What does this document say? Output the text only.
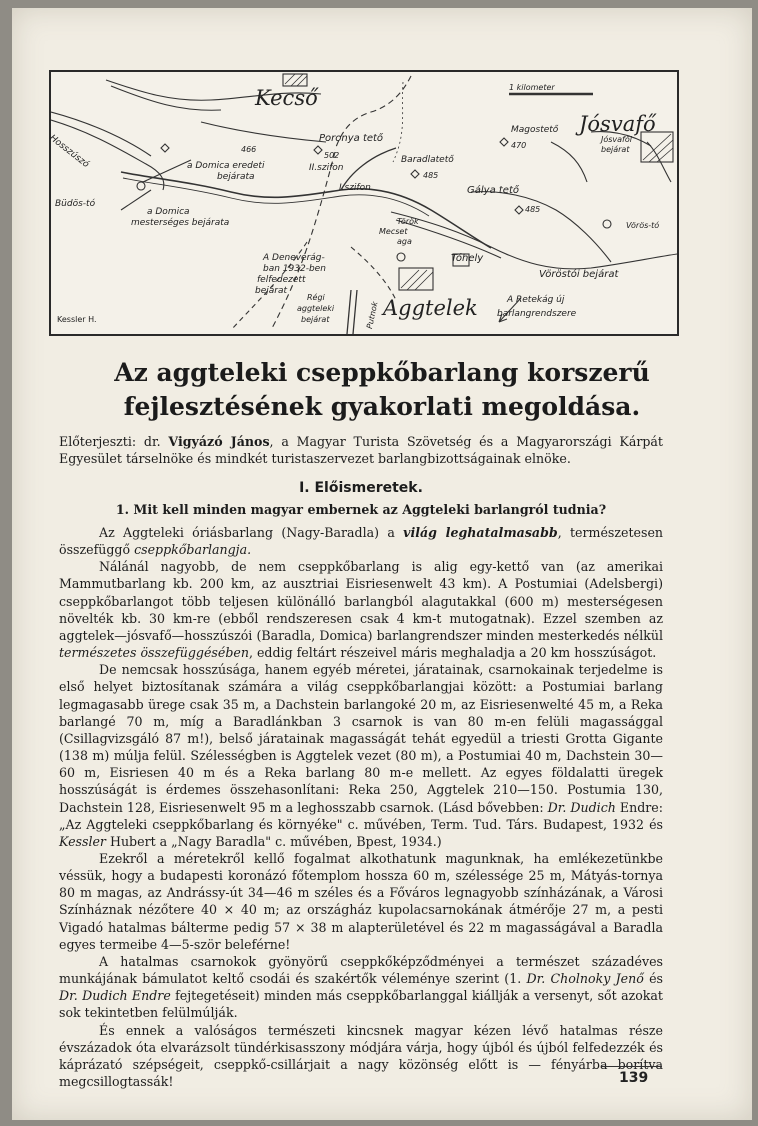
1 kilometer
Kecső
Jósvafő
Aggtelek
Poronya tető
502
II.szifon
I.szifon
Baradlatető
485
Gálya tető
485
Magostető
470
Jósvafői
bejárat
Vörös-tó
Török
Mecset
aga
Tóhely
Vöröstói bejárat
A Retekág új
barlangrendszere
466
a Domica eredeti
bejárata
Büdös-tó
a Domica
mesterséges bejárata
A Denevérág-
ban 1932-ben
felfedezett
bejárat
Régi
aggteleki
bejárat
Hosszúszó
Kessler H.	Putnok
Az aggteleki cseppkőbarlang korszerű fejlesztésének gyakorlati megoldása.
Előterjeszti: dr. Vigyázó János, a Magyar Turista Szövetség és a Magyarországi Kárpát Egyesület társelnöke és mindkét turistaszervezet barlangbizottságainak elnöke.
I. Előismeretek.
1. Mit kell minden magyar embernek az Aggteleki barlangról tudnia?

Az Aggteleki óriásbarlang (Nagy-Baradla) a világ leghatalmasabb, természetesen összefüggő cseppkőbarlangja.

Nálánál nagyobb, de nem cseppkőbarlang is alig egy-kettő van (az amerikai Mammutbarlang kb. 200 km, az ausztriai Eisriesenwelt 43 km). A Postumiai (Adelsbergi) cseppkőbarlangot több teljesen különálló barlangból alagutakkal (600 m) mesterségesen növelték kb. 30 km-re (ebből rendszeresen csak 4 km-t mutogatnak). Ezzel szemben az aggtelek—jósvafő—hosszúszói (Baradla, Domica) barlangrendszer minden mesterkedés nélkül természetes összefüggésében, eddig feltárt részeivel máris meghaladja a 20 km hosszúságot.

De nemcsak hosszúsága, hanem egyéb méretei, járatainak, csarnokainak terjedelme is első helyet biztosítanak számára a világ cseppkőbarlangjai között: a Postumiai barlang legmagasabb ürege csak 35 m, a Dachstein barlangoké 20 m, az Eisriesenwelté 45 m, a Reka barlangé 70 m, míg a Baradlánkban 3 csarnok is van 80 m-en felüli magassággal (Csillagvizsgáló 87 m!), belső járatainak magasságát tehát egyedül a triesti Grotta Gigante (138 m) múlja felül. Szélességben is Aggtelek vezet (80 m), a Postumiai 40 m, Dachstein 30—60 m, Eisriesen 40 m és a Reka barlang 80 m-e mellett. Az egyes földalatti üregek hosszúságát is érdemes összehasonlítani: Reka 250, Aggtelek 210—150. Postumia 130, Dachstein 128, Eisriesenwelt 95 m a leghosszabb csarnok. (Lásd bővebben: Dr. Dudich Endre: „Az Aggteleki cseppkőbarlang és környéke" c. művében, Term. Tud. Társ. Budapest, 1932 és Kessler Hubert a „Nagy Baradla" c. művében, Bpest, 1934.)

Ezekről a méretekről kellő fogalmat alkothatunk magunknak, ha emlékezetünkbe véssük, hogy a budapesti koronázó főtemplom hossza 60 m, szélessége 25 m, Mátyás-tornya 80 m magas, az Andrássy-út 34—46 m széles és a Főváros legnagyobb színházának, a Városi Színháznak nézőtere 40 × 40 m; az országház kupolacsarnokának átmérője 27 m, a pesti Vigadó hatalmas bálterme pedig 57 × 38 m alapterületével és 22 m magasságával a Baradla egyes termeibe 4—5-ször beleférne!

A hatalmas csarnokok gyönyörű cseppkőképződményei a természet századéves munkájának bámulatot keltő csodái és szakértők véleménye szerint (1. Dr. Cholnoky Jenő és Dr. Dudich Endre fejtegetéseit) minden más cseppkőbarlanggal kiállják a versenyt, sőt azokat sok tekintetben felülmúlják.

És ennek a valóságos természeti kincsnek magyar kézen lévő hatalmas része évszázadok óta elvarázsolt tündérkisasszony módjára várja, hogy újból és újból felfedezzék és káprázató szépségeit, cseppkő-csillárjait a nagy közönség előtt is — fényárba borítva megcsillogtassák!	139
